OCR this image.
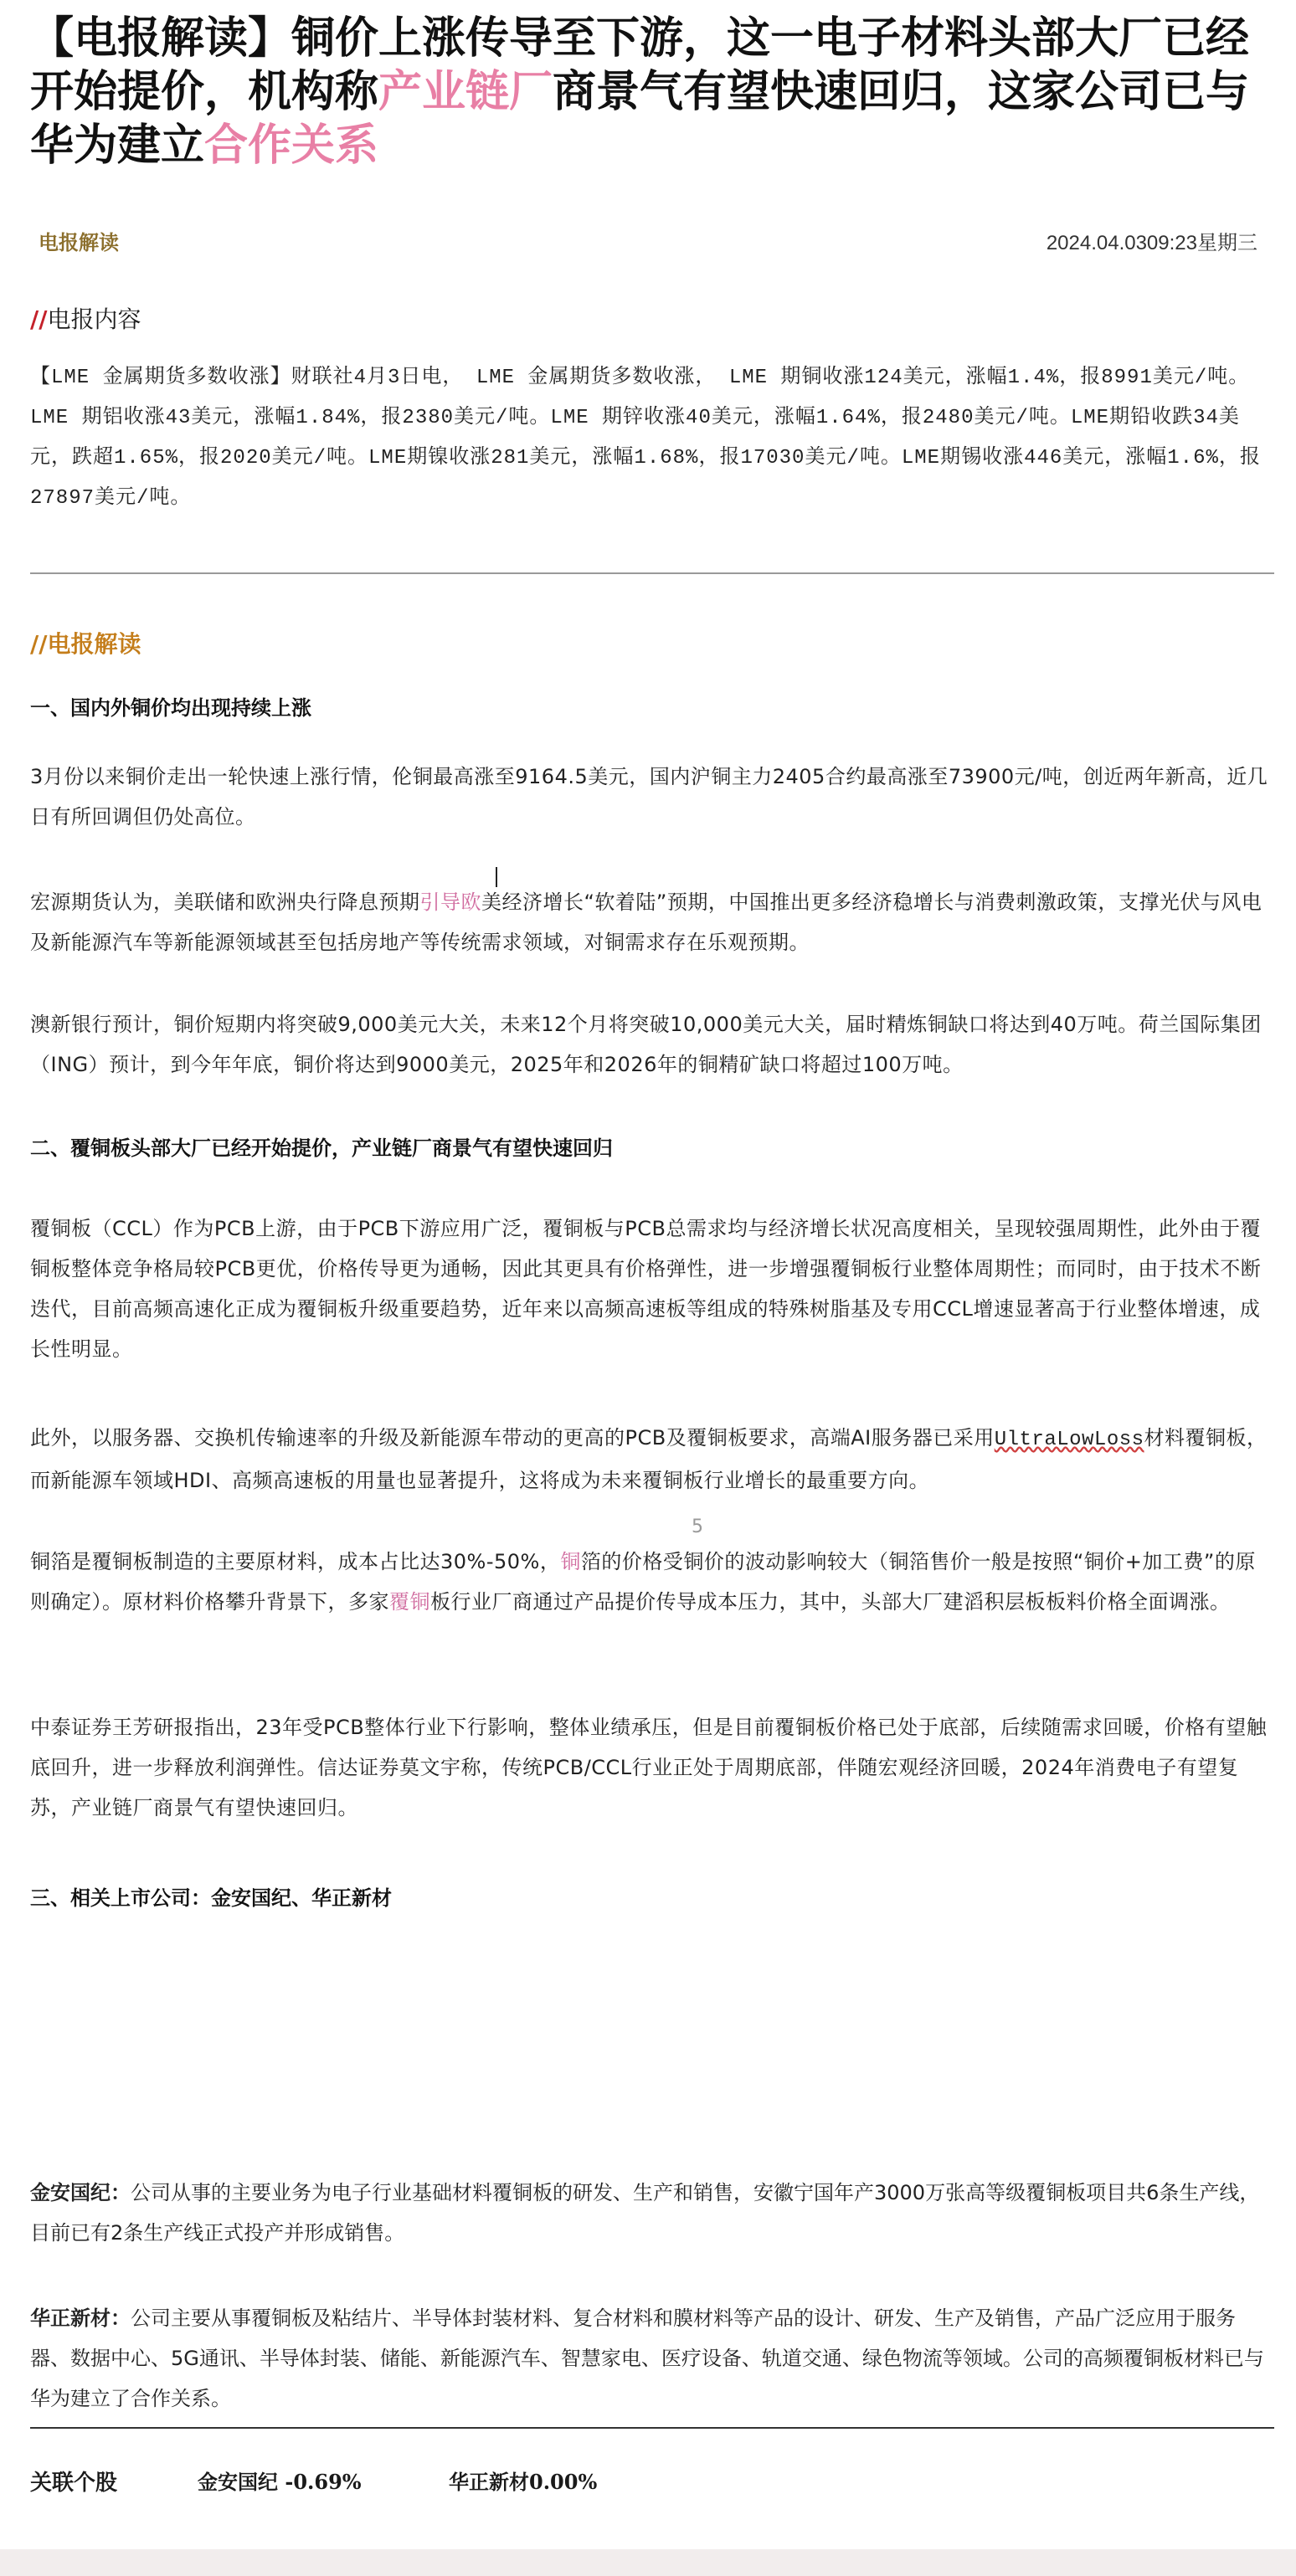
【电报解读】铜价上涨传导至下游，这一电子材料头部大厂已经开始提价，机构称产业链厂商景气有望快速回归，这家公司已与华为建立合作关系
电报解读	2024.04.0309:23星期三
//电报内容

【LME 金属期货多数收涨】财联社4月3日电， LME 金属期货多数收涨， LME 期铜收涨124美元，涨幅1.4%，报8991美元/吨。 LME 期铝收涨43美元，涨幅1.84%，报2380美元/吨。LME 期锌收涨40美元，涨幅1.64%，报2480美元/吨。LME期铅收跌34美元，跌超1.65%，报2020美元/吨。LME期镍收涨281美元，涨幅1.68%，报17030美元/吨。LME期锡收涨446美元，涨幅1.6%，报27897美元/吨。

//电报解读
一、国内外铜价均出现持续上涨

3月份以来铜价走出一轮快速上涨行情，伦铜最高涨至9164.5美元，国内沪铜主力2405合约最高涨至73900元/吨，创近两年新高，近几日有所回调但仍处高位。

宏源期货认为，美联储和欧洲央行降息预期引导欧美经济增长“软着陆”预期，中国推出更多经济稳增长与消费刺激政策，支撑光伏与风电及新能源汽车等新能源领域甚至包括房地产等传统需求领域，对铜需求存在乐观预期。

澳新银行预计，铜价短期内将突破9,000美元大关，未来12个月将突破10,000美元大关，届时精炼铜缺口将达到40万吨。荷兰国际集团（ING）预计，到今年年底，铜价将达到9000美元，2025年和2026年的铜精矿缺口将超过100万吨。

二、覆铜板头部大厂已经开始提价，产业链厂商景气有望快速回归

覆铜板（CCL）作为PCB上游，由于PCB下游应用广泛，覆铜板与PCB总需求均与经济增长状况高度相关，呈现较强周期性，此外由于覆铜板整体竞争格局较PCB更优，价格传导更为通畅，因此其更具有价格弹性，进一步增强覆铜板行业整体周期性；而同时，由于技术不断迭代，目前高频高速化正成为覆铜板升级重要趋势，近年来以高频高速板等组成的特殊树脂基及专用CCL增速显著高于行业整体增速，成长性明显。

此外，以服务器、交换机传输速率的升级及新能源车带动的更高的PCB及覆铜板要求，高端AI服务器已采用UltraLowLoss材料覆铜板，而新能源车领域HDI、高频高速板的用量也显著提升，这将成为未来覆铜板行业增长的最重要方向。

5

铜箔是覆铜板制造的主要原材料，成本占比达30%-50%，铜箔的价格受铜价的波动影响较大（铜箔售价一般是按照“铜价+加工费”的原则确定）。原材料价格攀升背景下，多家覆铜板行业厂商通过产品提价传导成本压力，其中，头部大厂建滔积层板板料价格全面调涨。

中泰证券王芳研报指出，23年受PCB整体行业下行影响，整体业绩承压，但是目前覆铜板价格已处于底部，后续随需求回暖，价格有望触底回升，进一步释放利润弹性。信达证券莫文宇称，传统PCB/CCL行业正处于周期底部，伴随宏观经济回暖，2024年消费电子有望复苏，产业链厂商景气有望快速回归。

三、相关上市公司：金安国纪、华正新材

金安国纪：公司从事的主要业务为电子行业基础材料覆铜板的研发、生产和销售，安徽宁国年产3000万张高等级覆铜板项目共6条生产线，目前已有2条生产线正式投产并形成销售。

华正新材：公司主要从事覆铜板及粘结片、半导体封装材料、复合材料和膜材料等产品的设计、研发、生产及销售，产品广泛应用于服务器、数据中心、5G通讯、半导体封装、储能、新能源汽车、智慧家电、医疗设备、轨道交通、绿色物流等领域。公司的高频覆铜板材料已与华为建立了合作关系。

关联个股	金安国纪 -0.69%	华正新材0.00%
